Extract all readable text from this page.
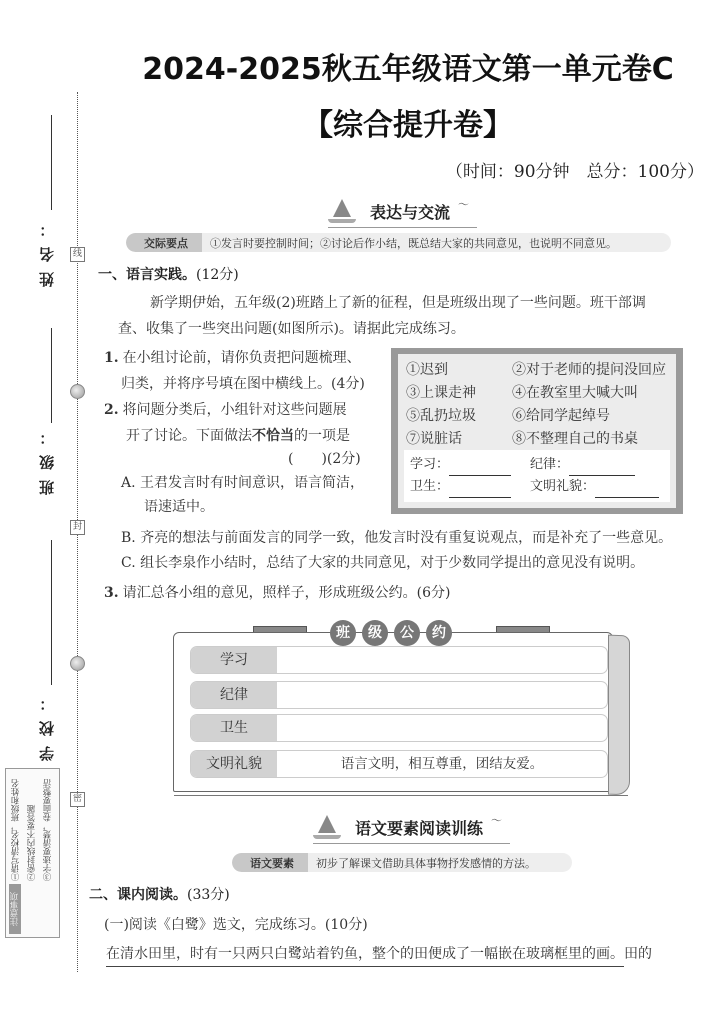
线
封
密
姓名：
班级：
学校：
注意事项
①请写清校名，班级和姓名 ②密封线内不要答题 ③字迹要清楚，卷面要整洁
2024-2025秋五年级语文第一单元卷C
【综合提升卷】
（时间：90分钟　总分：100分）
表达与交流 〜
交际要点	①发言时要控制时间；②讨论后作小结，既总结大家的共同意见，也说明不同意见。
一、语言实践。(12分)
新学期伊始，五年级(2)班踏上了新的征程，但是班级出现了一些问题。班干部调
查、收集了一些突出问题(如图所示)。请据此完成练习。
1. 在小组讨论前，请你负责把问题梳理、
归类，并将序号填在图中横线上。(4分)
2. 将问题分类后，小组针对这些问题展
开了讨论。下面做法不恰当的一项是
(　　)(2分)
A. 王君发言时有时间意识，语言简洁，
语速适中。
B. 齐亮的想法与前面发言的同学一致，他发言时没有重复说观点，而是补充了一些意见。
C. 组长李泉作小结时，总结了大家的共同意见，对于少数同学提出的意见没有说明。
①迟到	②对于老师的提问没回应
③上课走神	④在教室里大喊大叫
⑤乱扔垃圾	⑥给同学起绰号
⑦说脏话	⑧不整理自己的书桌
学习：	纪律：
卫生：	文明礼貌：
3. 请汇总各小组的意见，照样子，形成班级公约。(6分)
学习
纪律
卫生
文明礼貌	语言文明，相互尊重，团结友爱。
班	级	公	约
语文要素阅读训练 〜
语文要素	初步了解课文借助具体事物抒发感情的方法。
二、课内阅读。(33分)
(一)阅读《白鹭》选文，完成练习。(10分)
在清水田里，时有一只两只白鹭站着钓鱼，整个的田便成了一幅嵌在玻璃框里的画。田的
